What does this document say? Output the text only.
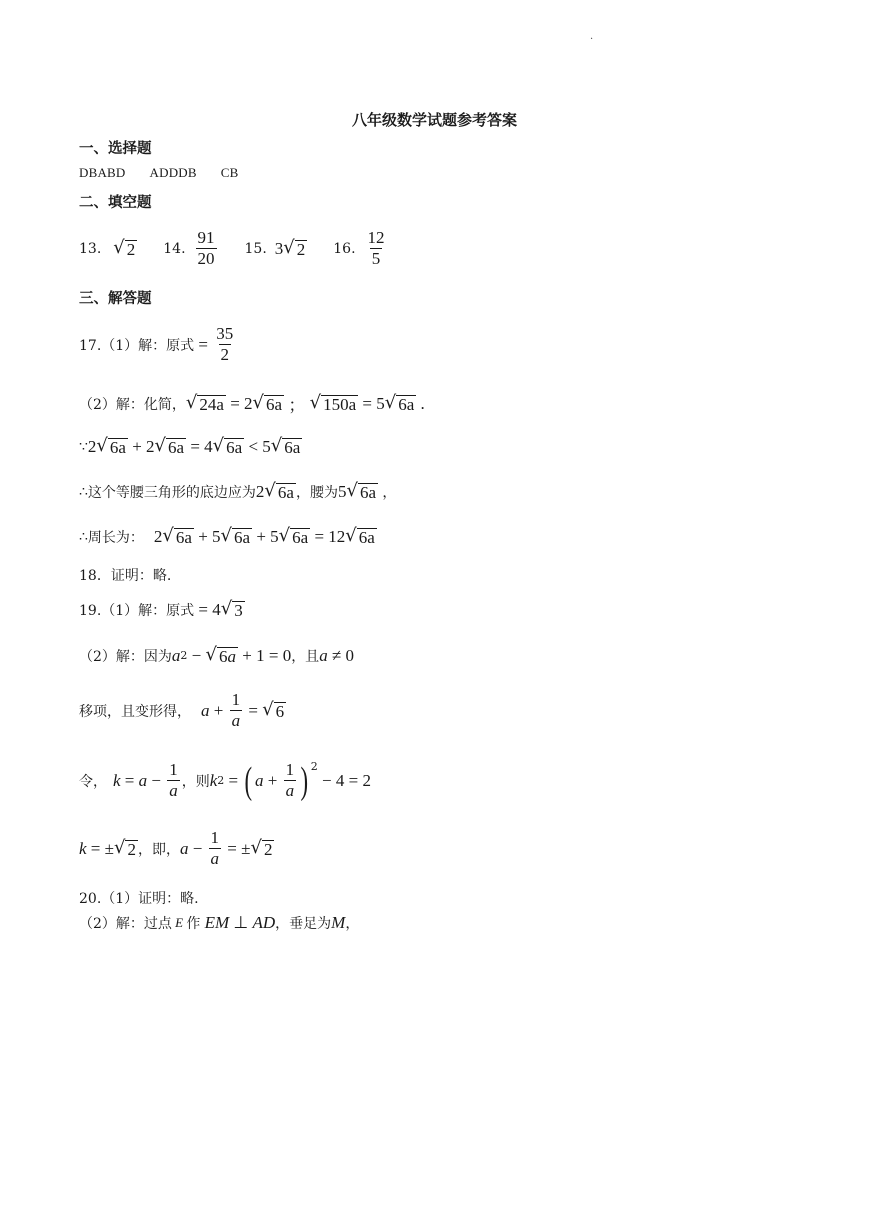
·
八年级数学试题参考答案
一、选择题
DBABD ADDDB CB
二、填空题
13. √ 2 14. $\frac{91}{20} 15$. 3 √ 2 16. $\frac{12}{5}$
三、解答题
17.（1）解：原式 = $\frac{35}{2}$
（2）解：化简， √ 24a = 2 √ 6a ； √ 150a = 5 √ 6a .
∵ 2 √ 6a + 2 √ 6a = 4 √ 6a < 5 √ 6a
∴ 这个等腰三角形的底边应为 2 √ 6a ，腰为 5 √ 6a ，
∴ 周长为： 2 √ 6a + 5 √ 6a + 5 √ 6a = 12 √ 6a
18．证明：略.
19.（1）解：原式 = 4 √ 3
（2）解：因为 a 2 − √ 6a + 1 = 0 ，且 a ≠ 0
移项，且变形得， $a + \frac{1}{a}$ = √ 6
令， $k = a - \frac{1}{a}$ ，则 k 2 = ( $a + \frac{1}{a} )^2$
− 4 = 2
k = ± √ 2 ，即， $a - \frac{1}{a}$ = ± √ 2
20.（1）证明：略.
（2）解：过点 E 作 EM ⊥ AD ，垂足为 M ，
